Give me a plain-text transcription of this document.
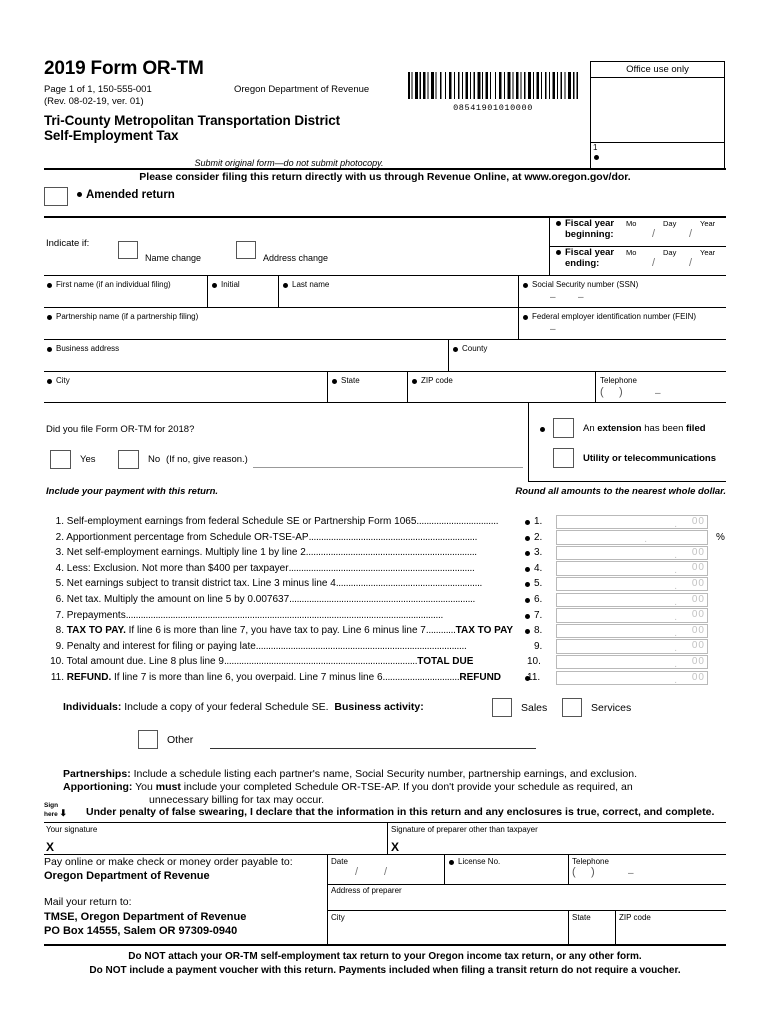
2019 Form OR-TM
Page 1 of 1, 150-555-001
(Rev. 08-02-19, ver. 01)
Oregon Department of Revenue
Tri-County Metropolitan Transportation District
Self-Employment Tax
08541901010000
Office use only
1
Submit original form—do not submit photocopy.
Please consider filing this return directly with us through Revenue Online, at www.oregon.gov/dor.
Amended return
Indicate if:
Name change	Address change
Fiscal year
beginning:
Mo	Day	Year
/	/
Fiscal year
ending:
Mo	Day	Year
/	/
First name (if an individual filing)	Initial	Last name	Social Security number (SSN)
– –
Partnership name (if a partnership filing)	Federal employer identification number (FEIN)
–
Business address	County
City	State	ZIP code	Telephone
(     )	–
Did you file Form OR-TM for 2018?
Yes	No (If no, give reason.)
An extension has been filed
Utility or telecommunications
Include your payment with this return.	Round all amounts to the nearest whole dollar.
1. Self-employment earnings from federal Schedule SE or Partnership Form 1065.................................	1.	00
.
2. Apportionment percentage from Schedule OR-TSE-AP....................................................................	2.	.	%
3. Net self-employment earnings. Multiply line 1 by line 2.....................................................................	3.	00
.
4. Less: Exclusion. Not more than $400 per taxpayer...........................................................................	4.	00
.
5. Net earnings subject to transit district tax. Line 3 minus line 4...........................................................	5.	00
.
6. Net tax. Multiply the amount on line 5 by 0.007637...........................................................................	6.	00
.
7. Prepayments................................................................................................................................	7.	00
.
8. TAX TO PAY. If line 6 is more than line 7, you have tax to pay. Line 6 minus line 7............TAX TO PAY 8.	00
.
9. Penalty and interest for filing or paying late.....................................................................................	9.	00
.
10. Total amount due. Line 8 plus line 9..............................................................................TOTAL DUE	10.	00
.
11. REFUND. If line 7 is more than line 6, you overpaid. Line 7 minus line 6...............................REFUND	11.	00
.
Individuals: Include a copy of your federal Schedule SE. Business activity:	Sales	Services
Other
Partnerships: Include a schedule listing each partner's name, Social Security number, partnership earnings, and exclusion.
Apportioning: You must include your completed Schedule OR-TSE-AP. If you don't provide your schedule as required, an
unnecessary billing for tax may occur.
Sign
here ⬇ Under penalty of false swearing, I declare that the information in this return and any enclosures is true, correct, and complete.
Your signature	Signature of preparer other than taxpayer
X	X
Date
/ /
License No.	Telephone
(     )	–
Address of preparer
City	State	ZIP code
Pay online or make check or money order payable to:
Oregon Department of Revenue
Mail your return to:
TMSE, Oregon Department of Revenue
PO Box 14555, Salem OR 97309-0940
Do NOT attach your OR-TM self-employment tax return to your Oregon income tax return, or any other form.
Do NOT include a payment voucher with this return. Payments included when filing a transit return do not require a voucher.
